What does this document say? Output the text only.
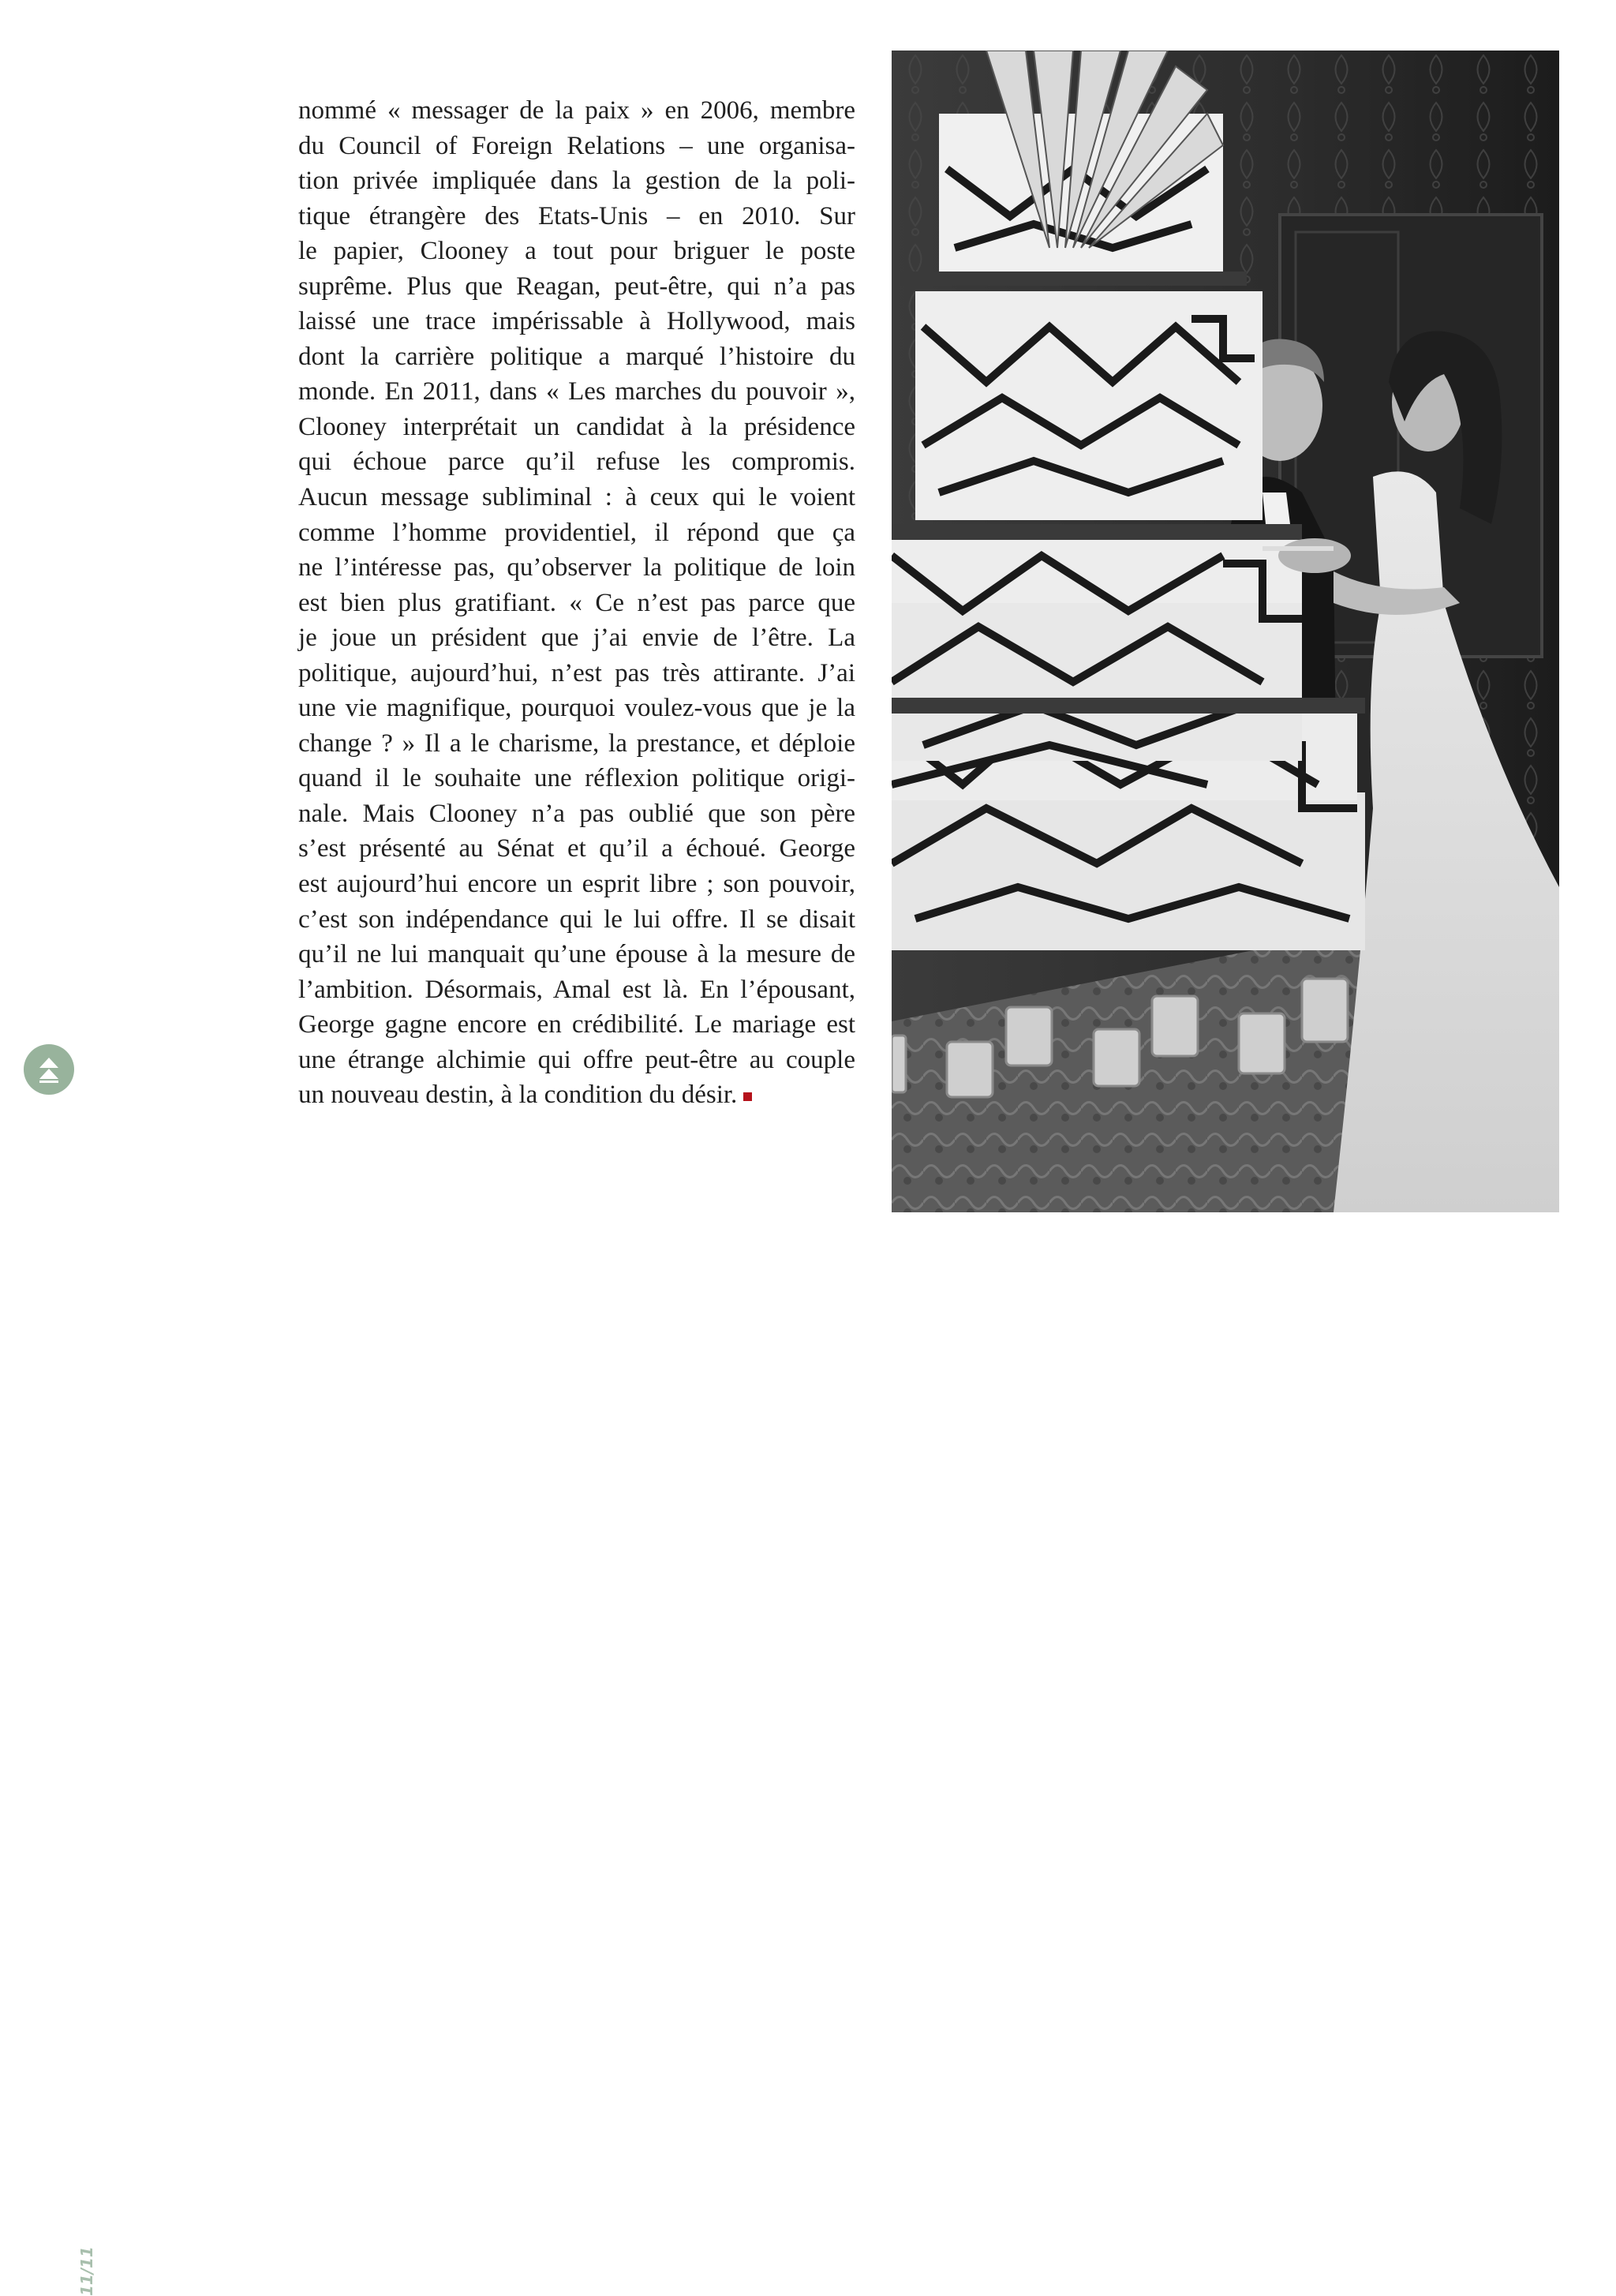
nommé « messager de la paix » en 2006, membre
du Council of Foreign Relations – une organisa-
tion privée impliquée dans la gestion de la poli-
tique étrangère des Etats-Unis – en 2010. Sur
le papier, Clooney a tout pour briguer le poste
suprême. Plus que Reagan, peut-être, qui n’a pas
laissé une trace impérissable à Hollywood, mais
dont la carrière politique a marqué l’histoire du
monde. En 2011, dans « Les marches du pouvoir »,
Clooney interprétait un candidat à la présidence
qui échoue parce qu’il refuse les compromis.
Aucun message subliminal : à ceux qui le voient
comme l’homme providentiel, il répond que ça
ne l’intéresse pas, qu’observer la politique de loin
est bien plus gratifiant. « Ce n’est pas parce que
je joue un président que j’ai envie de l’être. La
politique, aujourd’hui, n’est pas très attirante. J’ai
une vie magnifique, pourquoi voulez-vous que je la
change ? » Il a le charisme, la prestance, et déploie
quand il le souhaite une réflexion politique origi-
nale. Mais Clooney n’a pas oublié que son père
s’est présenté au Sénat et qu’il a échoué. George
est aujourd’hui encore un esprit libre ; son pouvoir,
c’est son indépendance qui le lui offre. Il se disait
qu’il ne lui manquait qu’une épouse à la mesure de
l’ambition. Désormais, Amal est là. En l’épousant,
George gagne encore en crédibilité. Le mariage est
une étrange alchimie qui offre peut-être au couple
un nouveau destin, à la condition du désir.
11/11
